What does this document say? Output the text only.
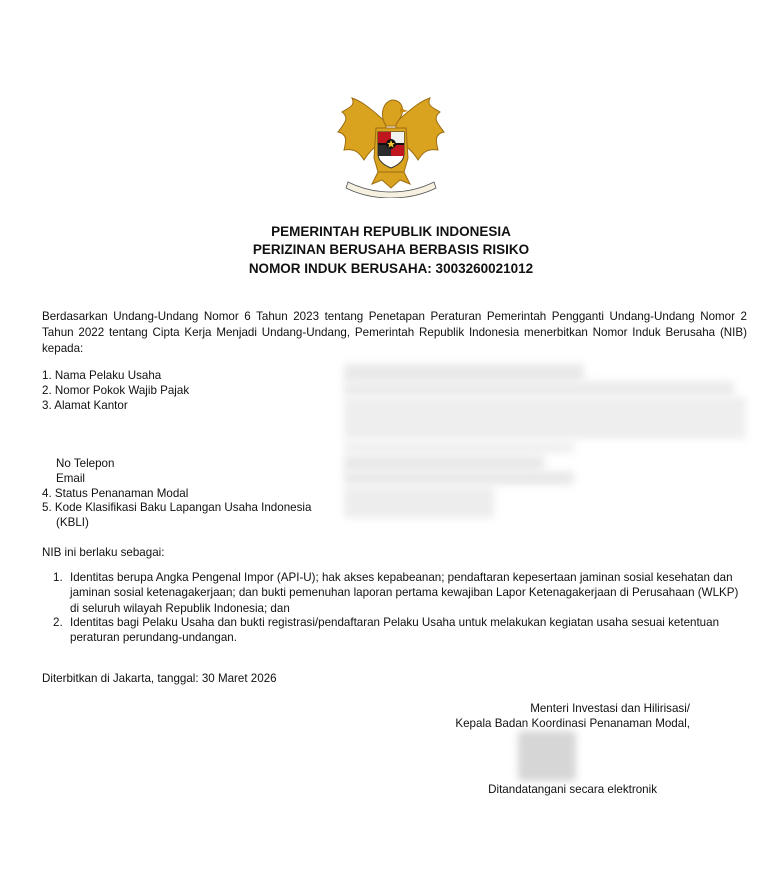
PEMERINTAH REPUBLIK INDONESIA
PERIZINAN BERUSAHA BERBASIS RISIKO
NOMOR INDUK BERUSAHA: 3003260021012
Berdasarkan Undang-Undang Nomor 6 Tahun 2023 tentang Penetapan Peraturan Pemerintah Pengganti Undang-Undang Nomor 2 Tahun 2022 tentang Cipta Kerja Menjadi Undang-Undang, Pemerintah Republik Indonesia menerbitkan Nomor Induk Berusaha (NIB) kepada:
1. Nama Pelaku Usaha
2. Nomor Pokok Wajib Pajak
3. Alamat Kantor
No Telepon
Email
4. Status Penanaman Modal
5. Kode Klasifikasi Baku Lapangan Usaha Indonesia
(KBLI)
NIB ini berlaku sebagai:
1. Identitas berupa Angka Pengenal Impor (API-U); hak akses kepabeanan; pendaftaran kepesertaan jaminan sosial kesehatan dan jaminan sosial ketenagakerjaan; dan bukti pemenuhan laporan pertama kewajiban Lapor Ketenagakerjaan di Perusahaan (WLKP) di seluruh wilayah Republik Indonesia; dan
2. Identitas bagi Pelaku Usaha dan bukti registrasi/pendaftaran Pelaku Usaha untuk melakukan kegiatan usaha sesuai ketentuan peraturan perundang-undangan.
Diterbitkan di Jakarta, tanggal: 30 Maret 2026
Menteri Investasi dan Hilirisasi/
Kepala Badan Koordinasi Penanaman Modal,
Ditandatangani secara elektronik
